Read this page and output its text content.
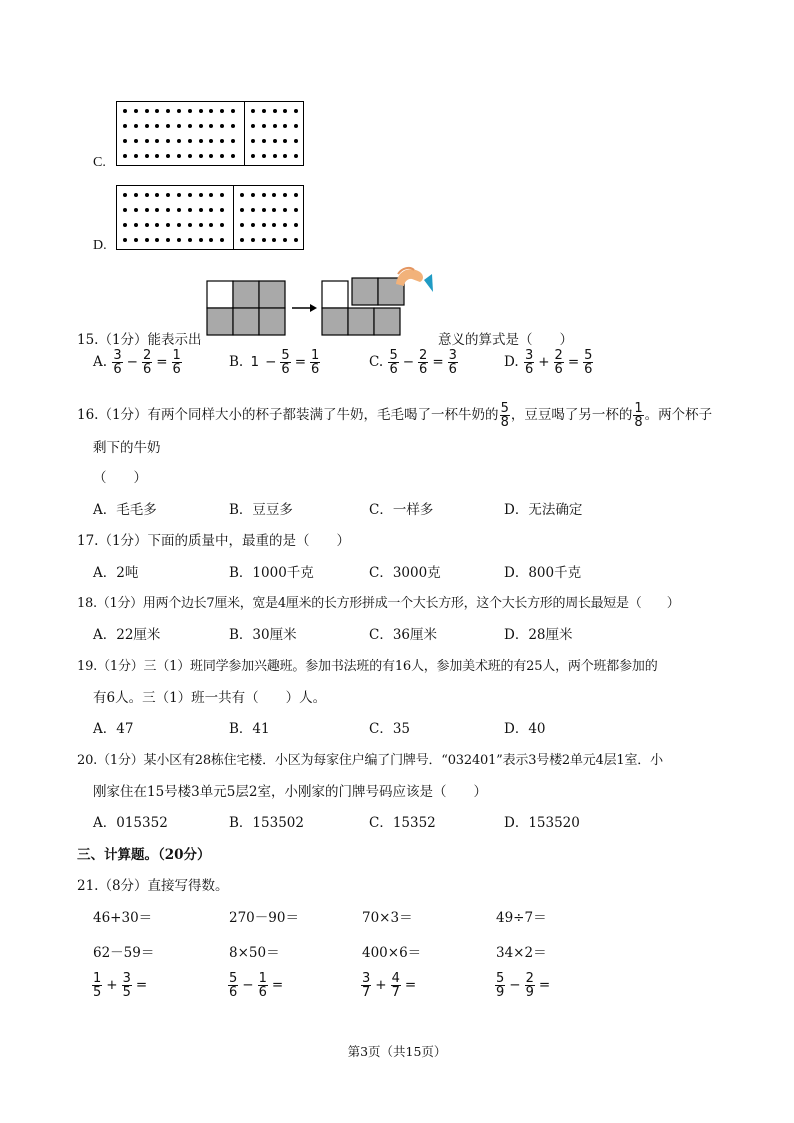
C.
D.
15.（1分）能表示出	意义的算式是（　　）
A. $\frac{3}{6} - \frac{2}{6} = \frac{1}{6}$	B. $1 - \frac{5}{6} = \frac{1}{6}$	C. $\frac{5}{6} - \frac{2}{6} = \frac{3}{6}$	D. $\frac{3}{6} + \frac{2}{6} = \frac{5}{6}$
16.（1分）有两个同样大小的杯子都装满了牛奶，毛毛喝了一杯牛奶的 $\frac{5}{8}$ ，豆豆喝了另一杯的 $\frac{1}{8}$ 。两个杯子
剩下的牛奶
（　　）
A．毛毛多	B．豆豆多	C．一样多	D．无法确定
17.（1分）下面的质量中，最重的是（　　）
A．2吨	B．1000千克	C．3000克	D．800千克
18.（1分）用两个边长7厘米，宽是4厘米的长方形拼成一个大长方形，这个大长方形的周长最短是（　　）
A．22厘米	B．30厘米	C．36厘米	D．28厘米
19.（1分）三（1）班同学参加兴趣班。参加书法班的有16人，参加美术班的有25人，两个班都参加的
有6人。三（1）班一共有（　　）人。
A．47	B．41	C．35	D．40
20.（1分）某小区有28栋住宅楼．小区为每家住户编了门牌号．“032401”表示3号楼2单元4层1室．小
刚家住在15号楼3单元5层2室，小刚家的门牌号码应该是（　　）
A．015352	B．153502	C．15352	D．153520
三、计算题。（20分）
21.（8分）直接写得数。
46+30＝	270－90＝	70×3＝	49÷7＝
62－59＝	8×50＝	400×6＝	34×2＝
$\frac{1}{5} + \frac{3}{5}$ =	$\frac{5}{6} - \frac{1}{6}$ =	$\frac{3}{7} + \frac{4}{7}$ =	$\frac{5}{9} - \frac{2}{9}$ =
第3页（共15页）
